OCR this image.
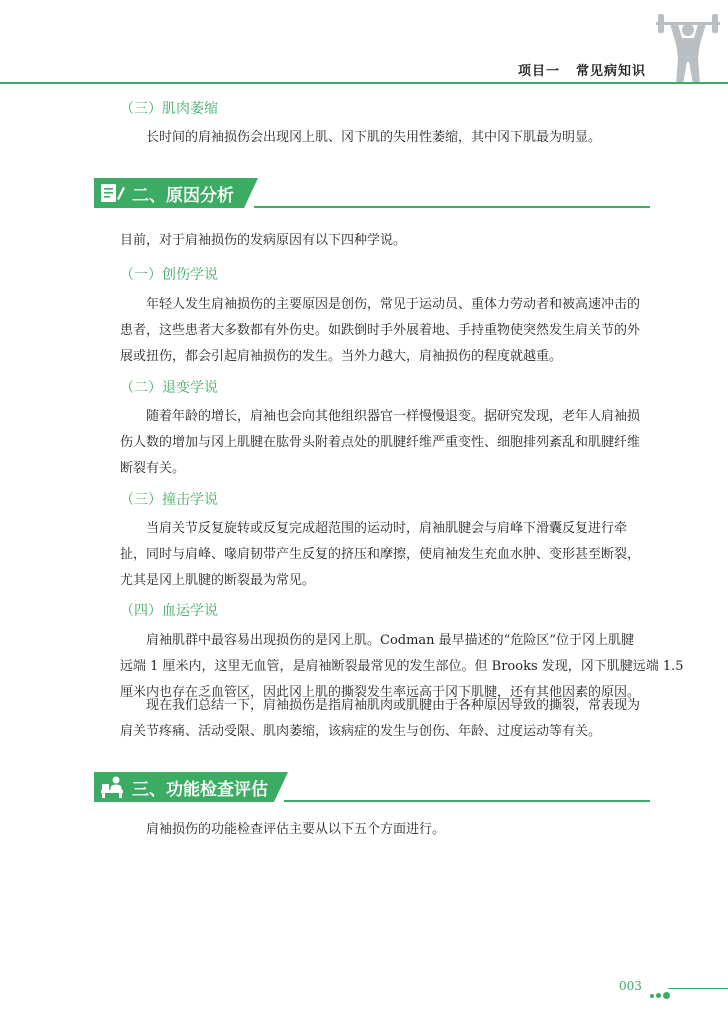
项目一 常见病知识
（三）肌肉萎缩

长时间的肩袖损伤会出现冈上肌、冈下肌的失用性萎缩，其中冈下肌最为明显。

二、原因分析

目前，对于肩袖损伤的发病原因有以下四种学说。

（一）创伤学说

年轻人发生肩袖损伤的主要原因是创伤，常见于运动员、重体力劳动者和被高速冲击的
患者，这些患者大多数都有外伤史。如跌倒时手外展着地、手持重物使突然发生肩关节的外
展或扭伤，都会引起肩袖损伤的发生。当外力越大，肩袖损伤的程度就越重。

（二）退变学说

随着年龄的增长，肩袖也会向其他组织器官一样慢慢退变。据研究发现，老年人肩袖损
伤人数的增加与冈上肌腱在肱骨头附着点处的肌腱纤维严重变性、细胞排列紊乱和肌腱纤维
断裂有关。

（三）撞击学说

当肩关节反复旋转或反复完成超范围的运动时，肩袖肌腱会与肩峰下滑囊反复进行牵
扯，同时与肩峰、喙肩韧带产生反复的挤压和摩擦，使肩袖发生充血水肿、变形甚至断裂，
尤其是冈上肌腱的断裂最为常见。

（四）血运学说

肩袖肌群中最容易出现损伤的是冈上肌。Codman 最早描述的“危险区”位于冈上肌腱
远端 1 厘米内，这里无血管，是肩袖断裂最常见的发生部位。但 Brooks 发现，冈下肌腱远端 1.5
厘米内也存在乏血管区，因此冈上肌的撕裂发生率远高于冈下肌腱，还有其他因素的原因。

现在我们总结一下，肩袖损伤是指肩袖肌肉或肌腱由于各种原因导致的撕裂，常表现为
肩关节疼痛、活动受限、肌肉萎缩，该病症的发生与创伤、年龄、过度运动等有关。

三、功能检查评估

肩袖损伤的功能检查评估主要从以下五个方面进行。

003
